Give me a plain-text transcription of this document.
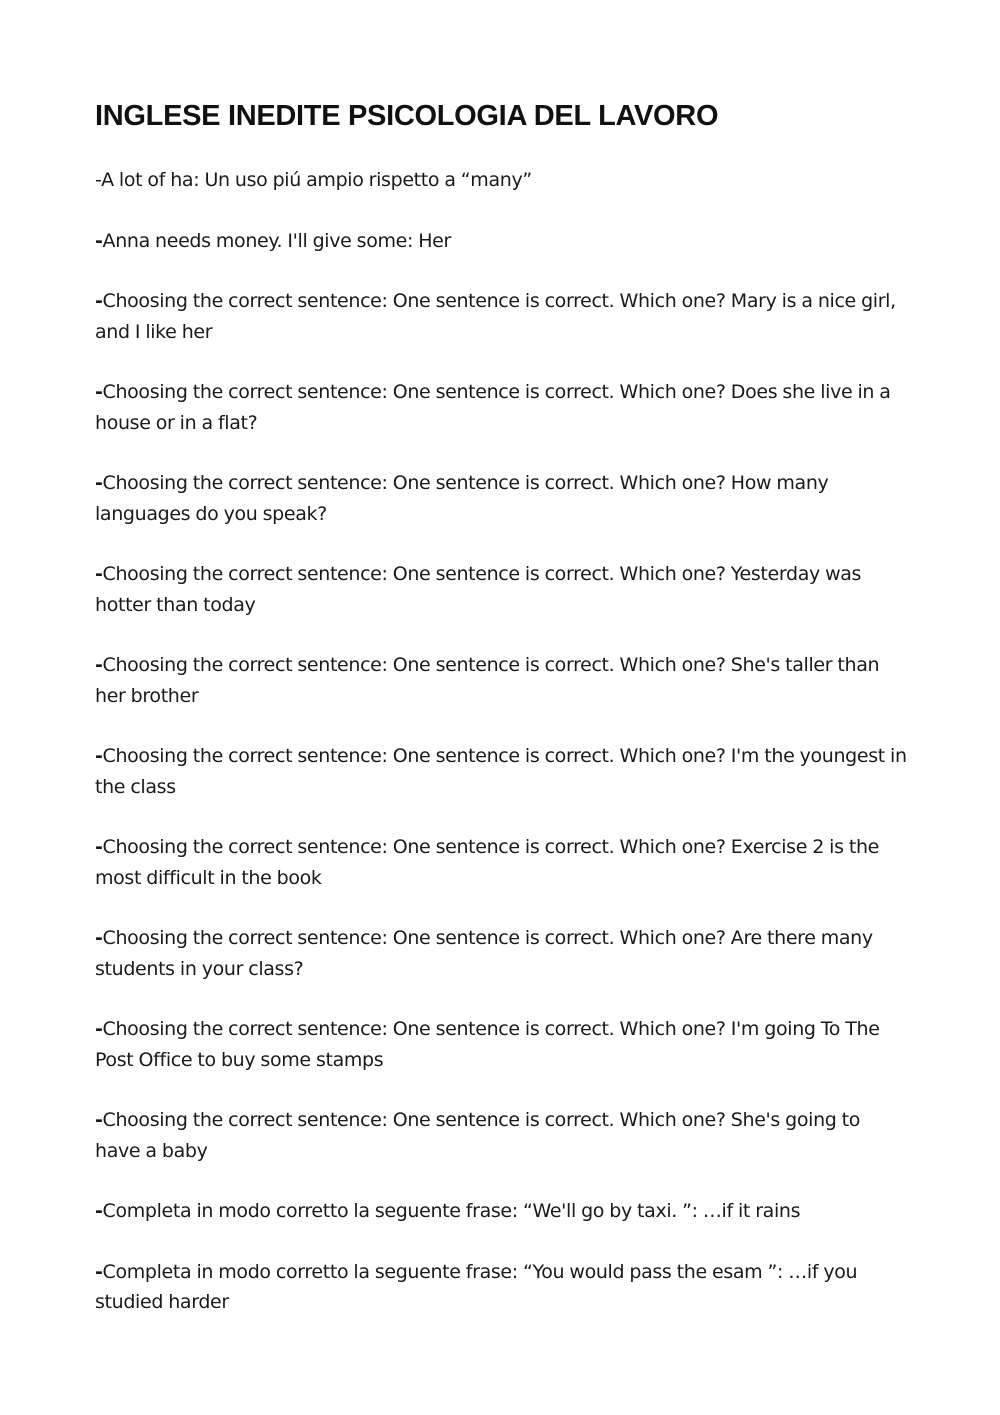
INGLESE INEDITE PSICOLOGIA DEL LAVORO

-A lot of ha: Un uso piú ampio rispetto a “many”

-Anna needs money. I'll give some: Her

-Choosing the correct sentence: One sentence is correct. Which one? Mary is a nice girl, and I like her

-Choosing the correct sentence: One sentence is correct. Which one? Does she live in a house or in a flat?

-Choosing the correct sentence: One sentence is correct. Which one? How many languages do you speak?

-Choosing the correct sentence: One sentence is correct. Which one? Yesterday was hotter than today

-Choosing the correct sentence: One sentence is correct. Which one? She's taller than her brother

-Choosing the correct sentence: One sentence is correct. Which one? I'm the youngest in the class

-Choosing the correct sentence: One sentence is correct. Which one? Exercise 2 is the most difficult in the book

-Choosing the correct sentence: One sentence is correct. Which one? Are there many students in your class?

-Choosing the correct sentence: One sentence is correct. Which one? I'm going To The Post Office to buy some stamps

-Choosing the correct sentence: One sentence is correct. Which one? She's going to have a baby

-Completa in modo corretto la seguente frase: “We'll go by taxi. ”: …if it rains

-Completa in modo corretto la seguente frase: “You would pass the esam ”: …if you studied harder
